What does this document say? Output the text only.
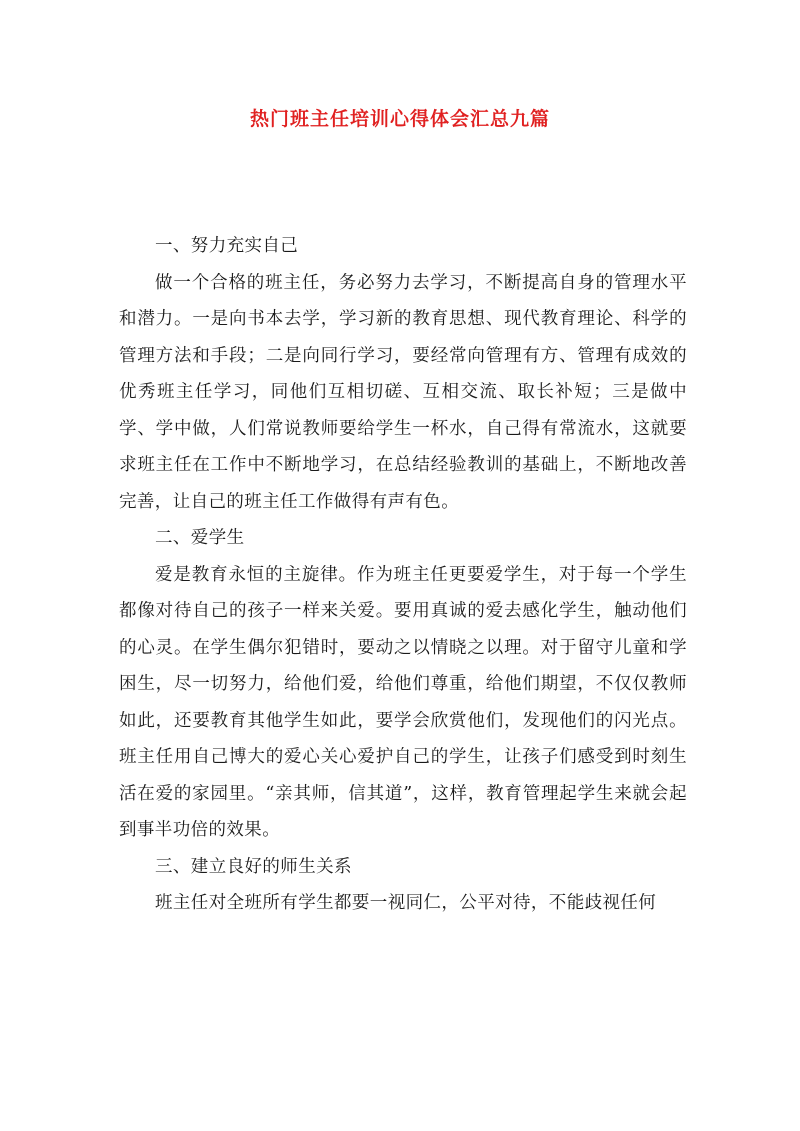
热门班主任培训心得体会汇总九篇

一、努力充实自己

做一个合格的班主任，务必努力去学习，不断提高自身的管理水平和潜力。一是向书本去学，学习新的教育思想、现代教育理论、科学的管理方法和手段；二是向同行学习，要经常向管理有方、管理有成效的优秀班主任学习，同他们互相切磋、互相交流、取长补短；三是做中学、学中做，人们常说教师要给学生一杯水，自己得有常流水，这就要求班主任在工作中不断地学习，在总结经验教训的基础上，不断地改善完善，让自己的班主任工作做得有声有色。

二、爱学生

爱是教育永恒的主旋律。作为班主任更要爱学生，对于每一个学生都像对待自己的孩子一样来关爱。要用真诚的爱去感化学生，触动他们的心灵。在学生偶尔犯错时，要动之以情晓之以理。对于留守儿童和学困生，尽一切努力，给他们爱，给他们尊重，给他们期望，不仅仅教师如此，还要教育其他学生如此，要学会欣赏他们，发现他们的闪光点。班主任用自己博大的爱心关心爱护自己的学生，让孩子们感受到时刻生活在爱的家园里。“亲其师，信其道”，这样，教育管理起学生来就会起到事半功倍的效果。

三、建立良好的师生关系

班主任对全班所有学生都要一视同仁，公平对待，不能歧视任何
